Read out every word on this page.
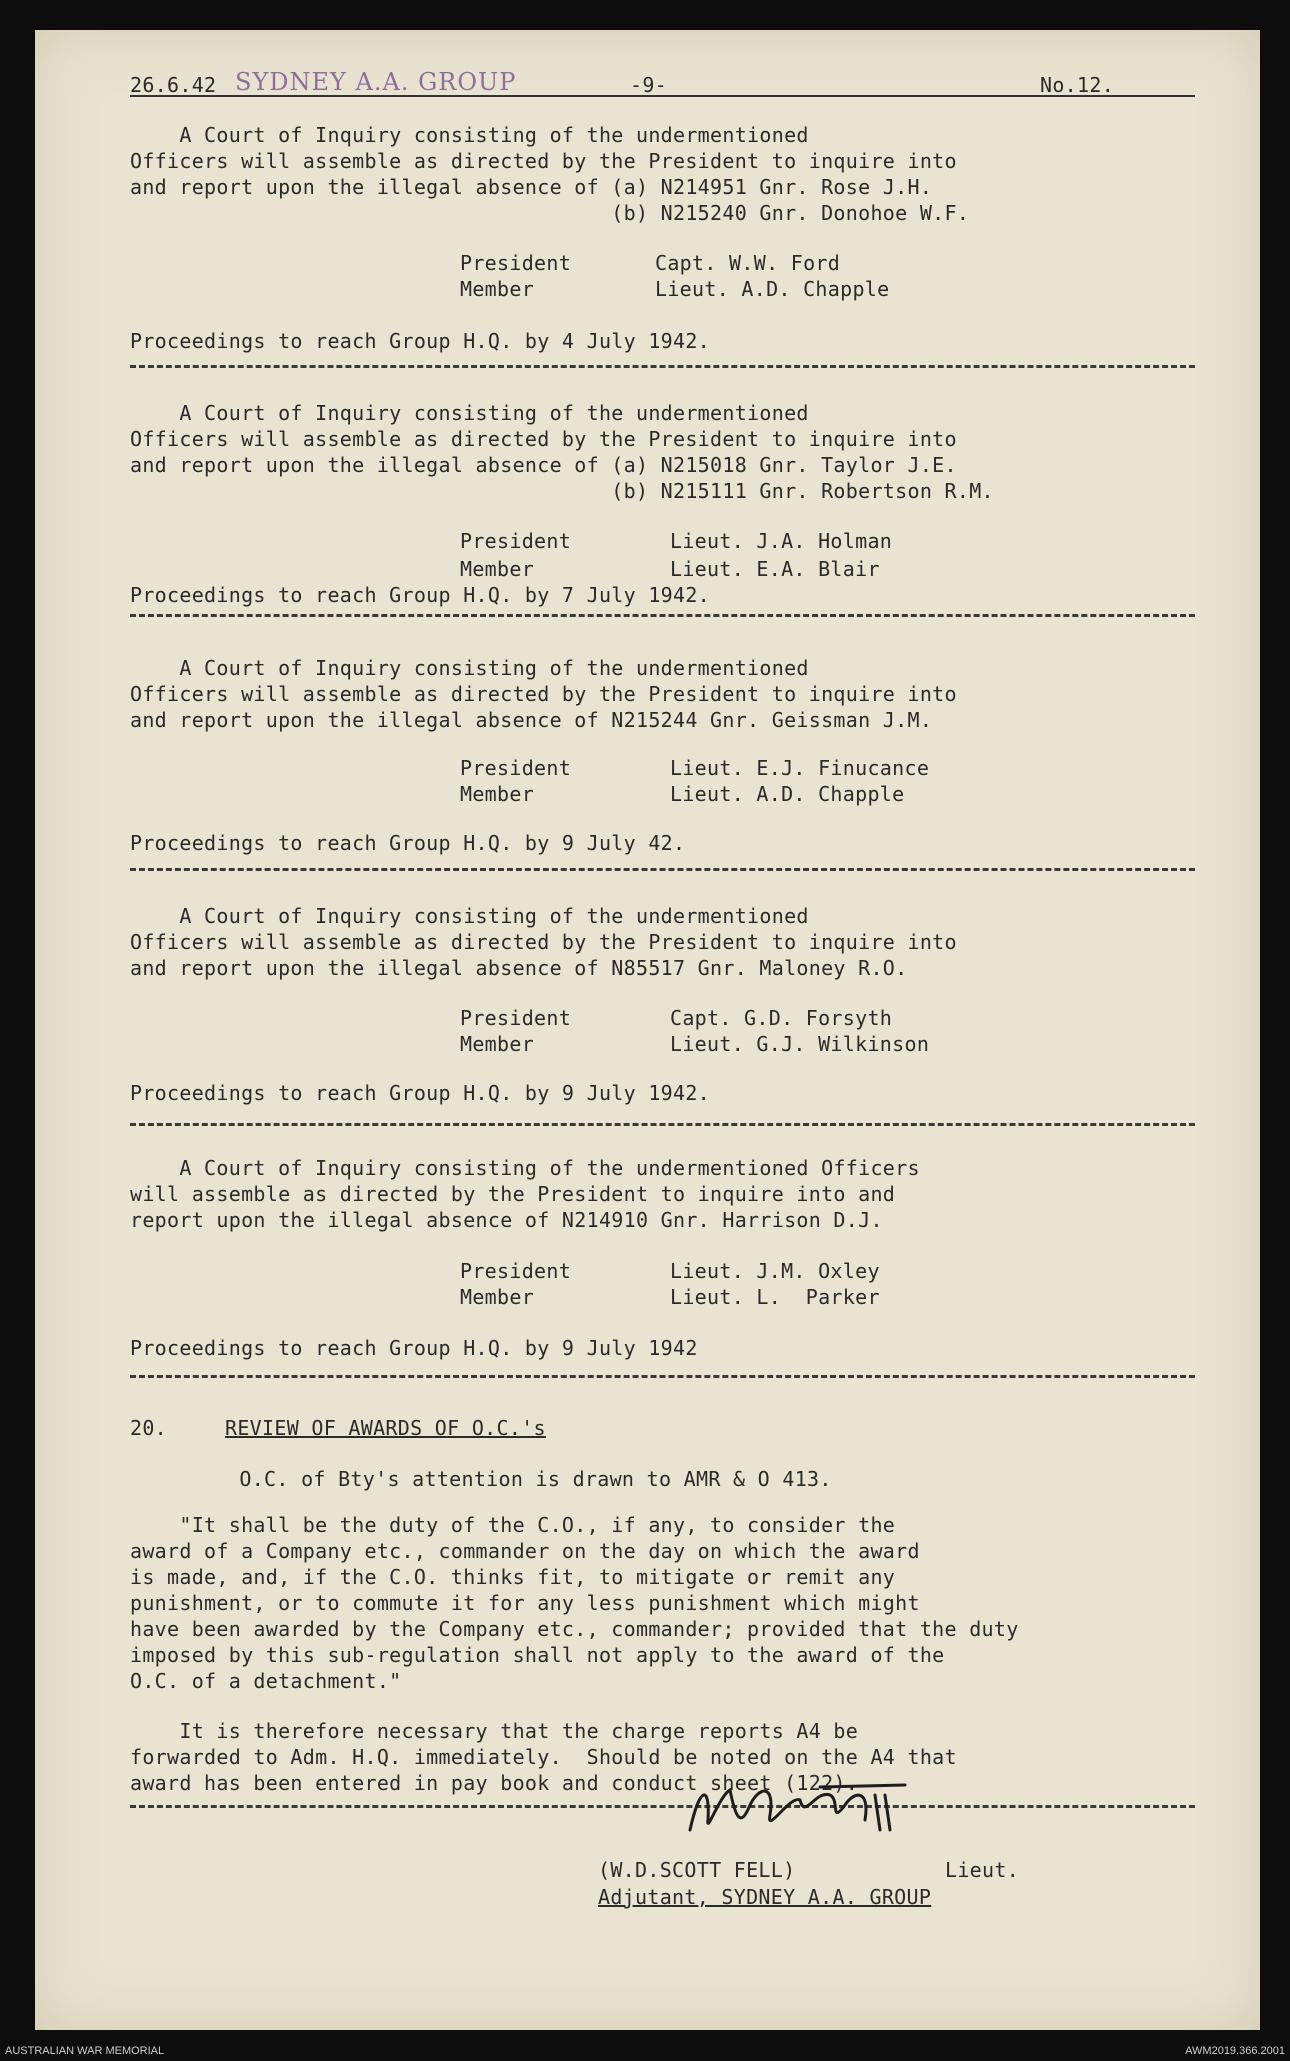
26.6.42 SYDNEY A.A. GROUP	-9-	No.12.
A Court of Inquiry consisting of the undermentioned
Officers will assemble as directed by the President to inquire into
and report upon the illegal absence of (a) N214951 Gnr. Rose J.H.
(b) N215240 Gnr. Donohoe W.F.
President	Capt. W.W. Ford
Member	Lieut. A.D. Chapple
Proceedings to reach Group H.Q. by 4 July 1942.
A Court of Inquiry consisting of the undermentioned
Officers will assemble as directed by the President to inquire into
and report upon the illegal absence of (a) N215018 Gnr. Taylor J.E.
(b) N215111 Gnr. Robertson R.M.
President	Lieut. J.A. Holman
Member	Lieut. E.A. Blair
Proceedings to reach Group H.Q. by 7 July 1942.
A Court of Inquiry consisting of the undermentioned
Officers will assemble as directed by the President to inquire into
and report upon the illegal absence of N215244 Gnr. Geissman J.M.
President	Lieut. E.J. Finucance
Member	Lieut. A.D. Chapple
Proceedings to reach Group H.Q. by 9 July 42.
A Court of Inquiry consisting of the undermentioned
Officers will assemble as directed by the President to inquire into
and report upon the illegal absence of N85517 Gnr. Maloney R.O.
President	Capt. G.D. Forsyth
Member	Lieut. G.J. Wilkinson
Proceedings to reach Group H.Q. by 9 July 1942.
A Court of Inquiry consisting of the undermentioned Officers
will assemble as directed by the President to inquire into and
report upon the illegal absence of N214910 Gnr. Harrison D.J.
President	Lieut. J.M. Oxley
Member	Lieut. L.  Parker
Proceedings to reach Group H.Q. by 9 July 1942
20.	REVIEW OF AWARDS OF O.C.'s
O.C. of Bty's attention is drawn to AMR & O 413.
"It shall be the duty of the C.O., if any, to consider the
award of a Company etc., commander on the day on which the award
is made, and, if the C.O. thinks fit, to mitigate or remit any
punishment, or to commute it for any less punishment which might
have been awarded by the Company etc., commander; provided that the duty
imposed by this sub-regulation shall not apply to the award of the
O.C. of a detachment."
It is therefore necessary that the charge reports A4 be
forwarded to Adm. H.Q. immediately.  Should be noted on the A4 that
award has been entered in pay book and conduct sheet (122).
(W.D.SCOTT FELL)	Lieut.
Adjutant, SYDNEY A.A. GROUP
AUSTRALIAN WAR MEMORIAL	AWM2019.366.2001
